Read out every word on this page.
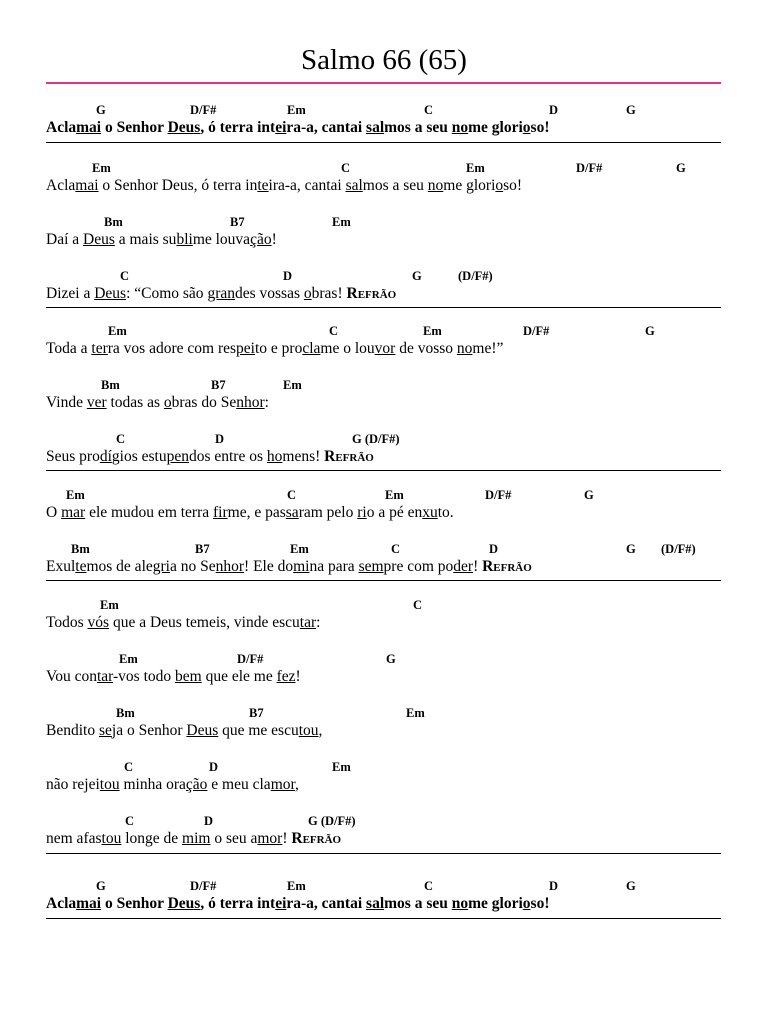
Salmo 66 (65)
G	D/F#	Em	C	D	G
Aclamai o Senhor Deus, ó terra inteira-a, cantai salmos a seu nome glorioso!
Em	C	Em	D/F#	G
Aclamai o Senhor Deus, ó terra inteira-a, cantai salmos a seu nome glorioso!
Bm	B7	Em
Daí a Deus a mais sublime louvação!
C	D	G	(D/F#)
Dizei a Deus: “Como são grandes vossas obras! Refrão
Em	C	Em	D/F#	G
Toda a terra vos adore com respeito e proclame o louvor de vosso nome!”
Bm	B7	Em
Vinde ver todas as obras do Senhor:
C	D	G (D/F#)
Seus prodígios estupendos entre os homens! Refrão
Em	C	Em	D/F#	G
O mar ele mudou em terra firme, e passaram pelo rio a pé enxuto.
Bm	B7	Em	C	D	G (D/F#)
Exultemos de alegria no Senhor! Ele domina para sempre com poder! Refrão
Em	C
Todos vós que a Deus temeis, vinde escutar:
Em	D/F#	G
Vou contar-vos todo bem que ele me fez!
Bm	B7	Em
Bendito seja o Senhor Deus que me escutou,
C	D	Em
não rejeitou minha oração e meu clamor,
C	D	G (D/F#)
nem afastou longe de mim o seu amor! Refrão
G	D/F#	Em	C	D	G
Aclamai o Senhor Deus, ó terra inteira-a, cantai salmos a seu nome glorioso!
